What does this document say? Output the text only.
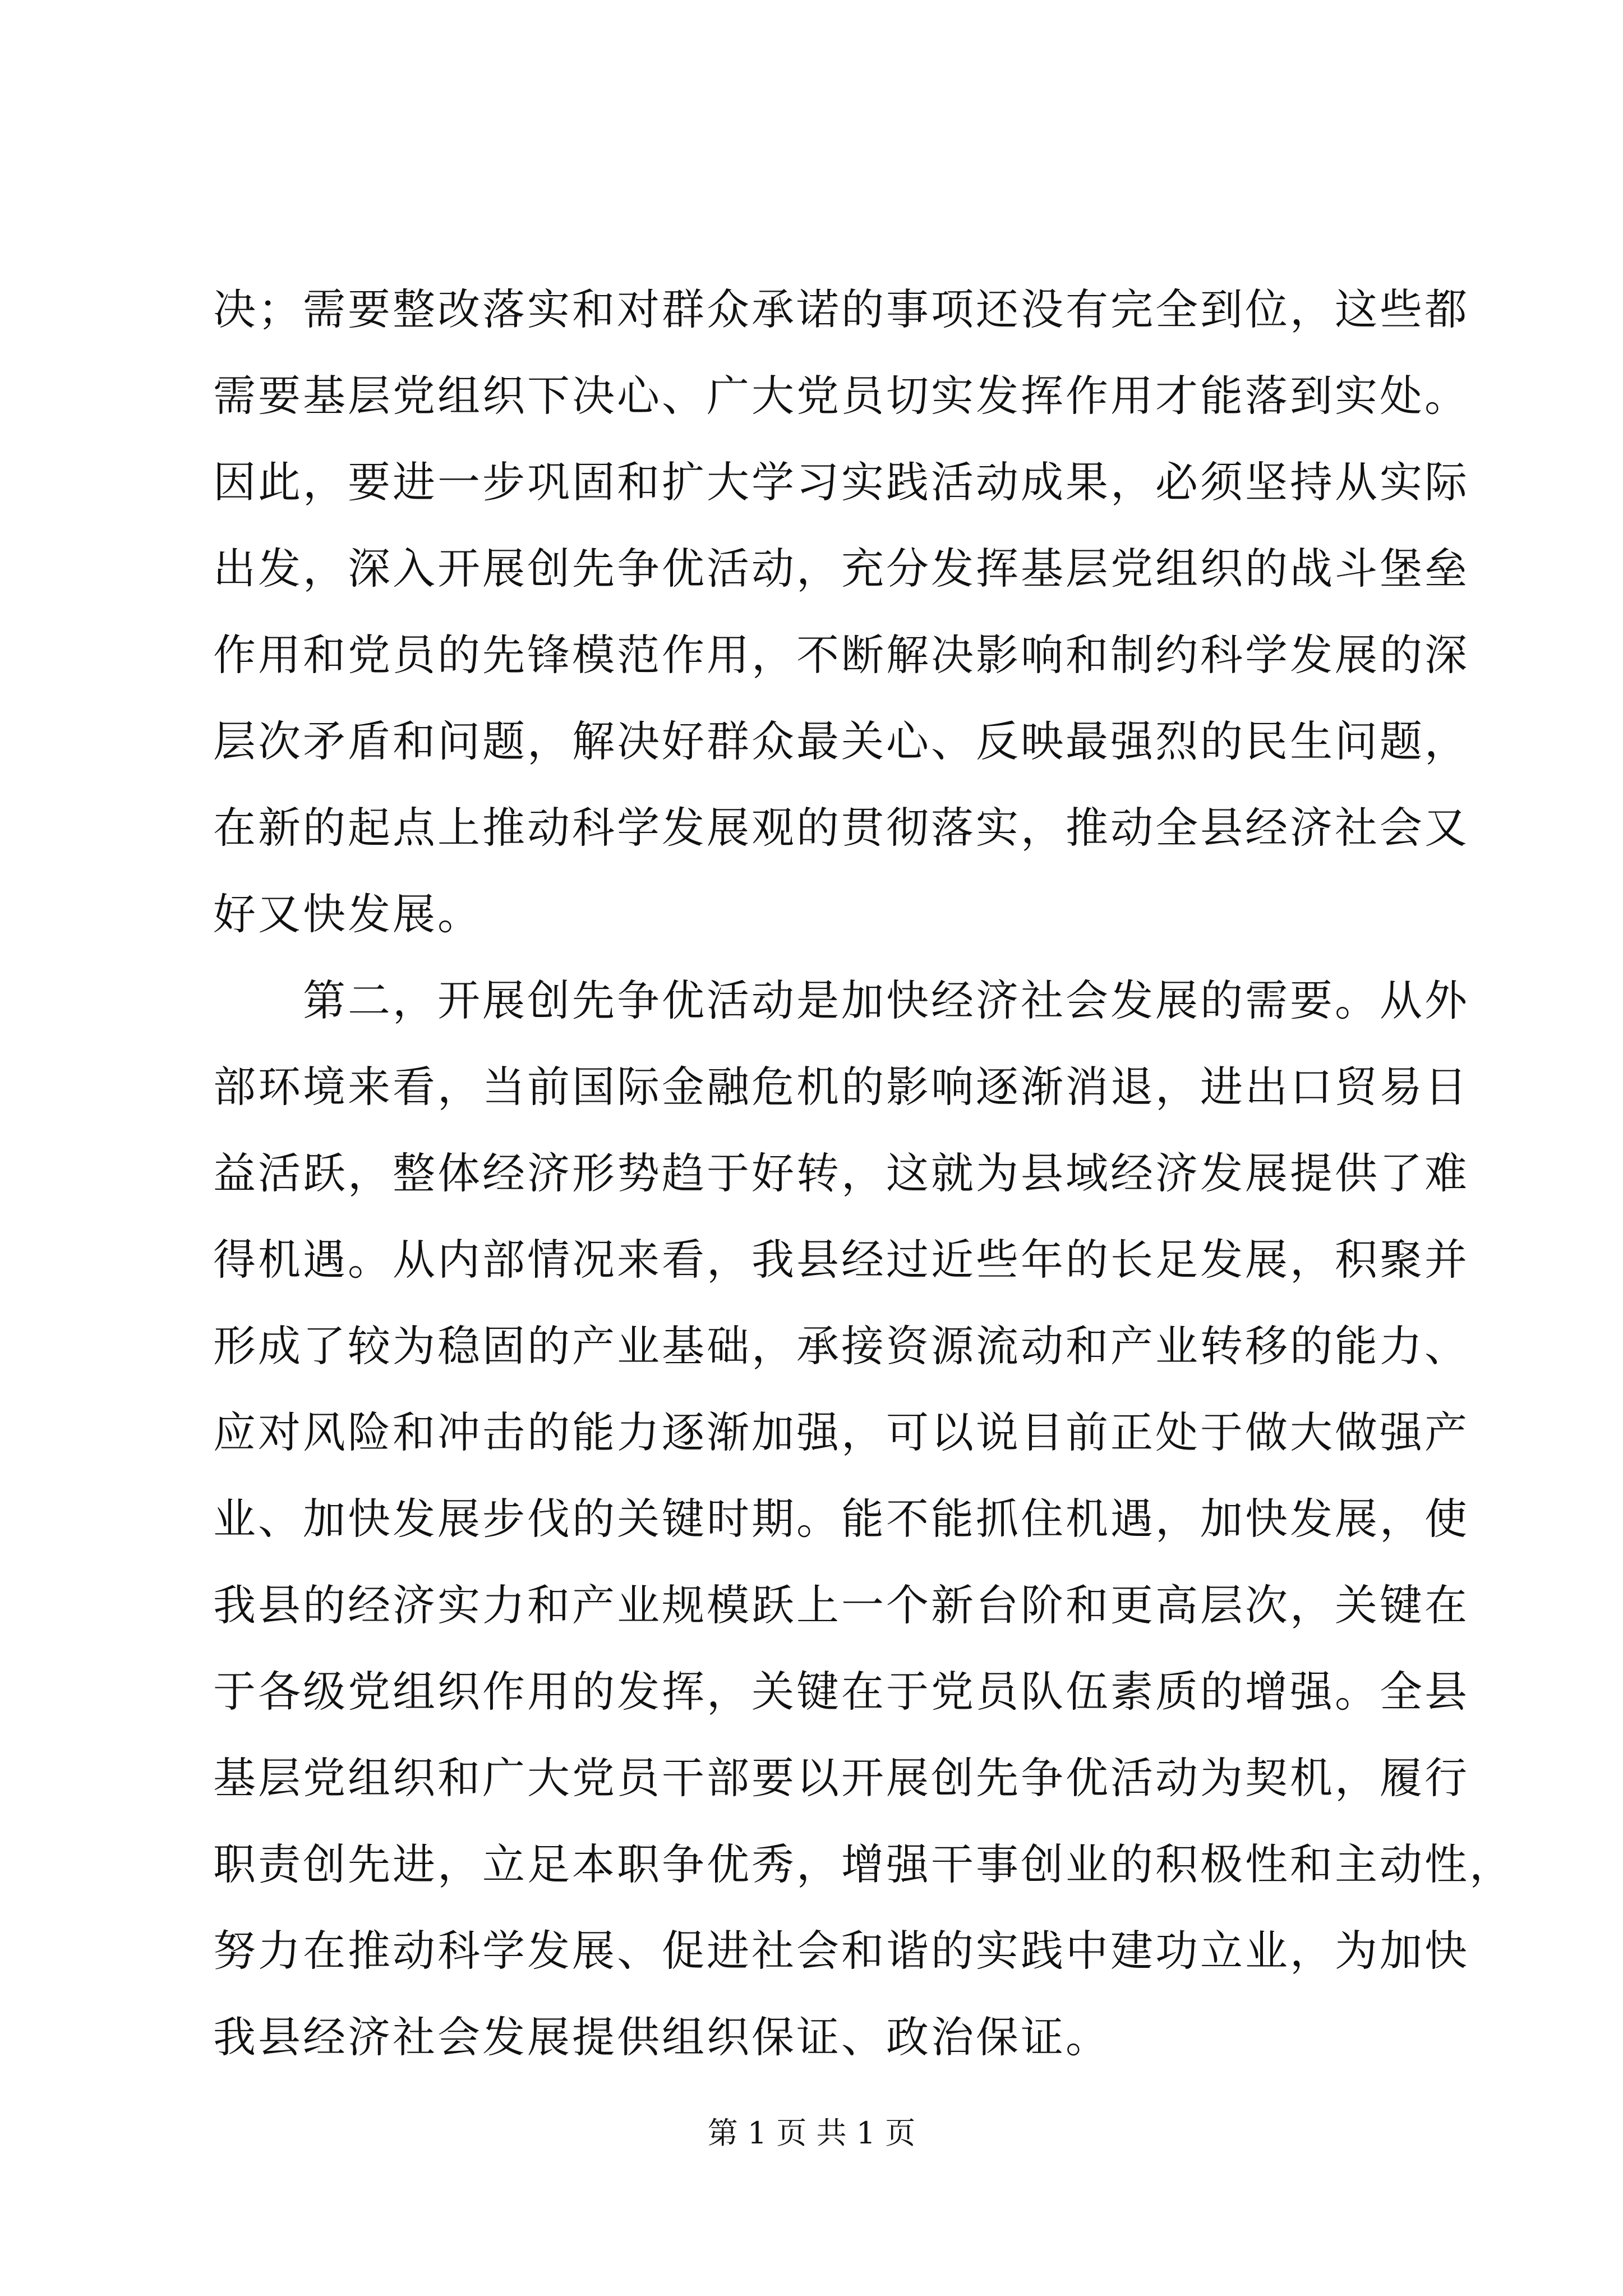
决；需要整改落实和对群众承诺的事项还没有完全到位，这些都
需要基层党组织下决心、广大党员切实发挥作用才能落到实处。
因此，要进一步巩固和扩大学习实践活动成果，必须坚持从实际
出发，深入开展创先争优活动，充分发挥基层党组织的战斗堡垒
作用和党员的先锋模范作用，不断解决影响和制约科学发展的深
层次矛盾和问题，解决好群众最关心、反映最强烈的民生问题，
在新的起点上推动科学发展观的贯彻落实，推动全县经济社会又
好又快发展。
　　第二，开展创先争优活动是加快经济社会发展的需要。从外
部环境来看，当前国际金融危机的影响逐渐消退，进出口贸易日
益活跃，整体经济形势趋于好转，这就为县域经济发展提供了难
得机遇。从内部情况来看，我县经过近些年的长足发展，积聚并
形成了较为稳固的产业基础，承接资源流动和产业转移的能力、
应对风险和冲击的能力逐渐加强，可以说目前正处于做大做强产
业、加快发展步伐的关键时期。能不能抓住机遇，加快发展，使
我县的经济实力和产业规模跃上一个新台阶和更高层次，关键在
于各级党组织作用的发挥，关键在于党员队伍素质的增强。全县
基层党组织和广大党员干部要以开展创先争优活动为契机，履行
职责创先进，立足本职争优秀，增强干事创业的积极性和主动性，
努力在推动科学发展、促进社会和谐的实践中建功立业，为加快
我县经济社会发展提供组织保证、政治保证。
第 1 页 共 1 页
